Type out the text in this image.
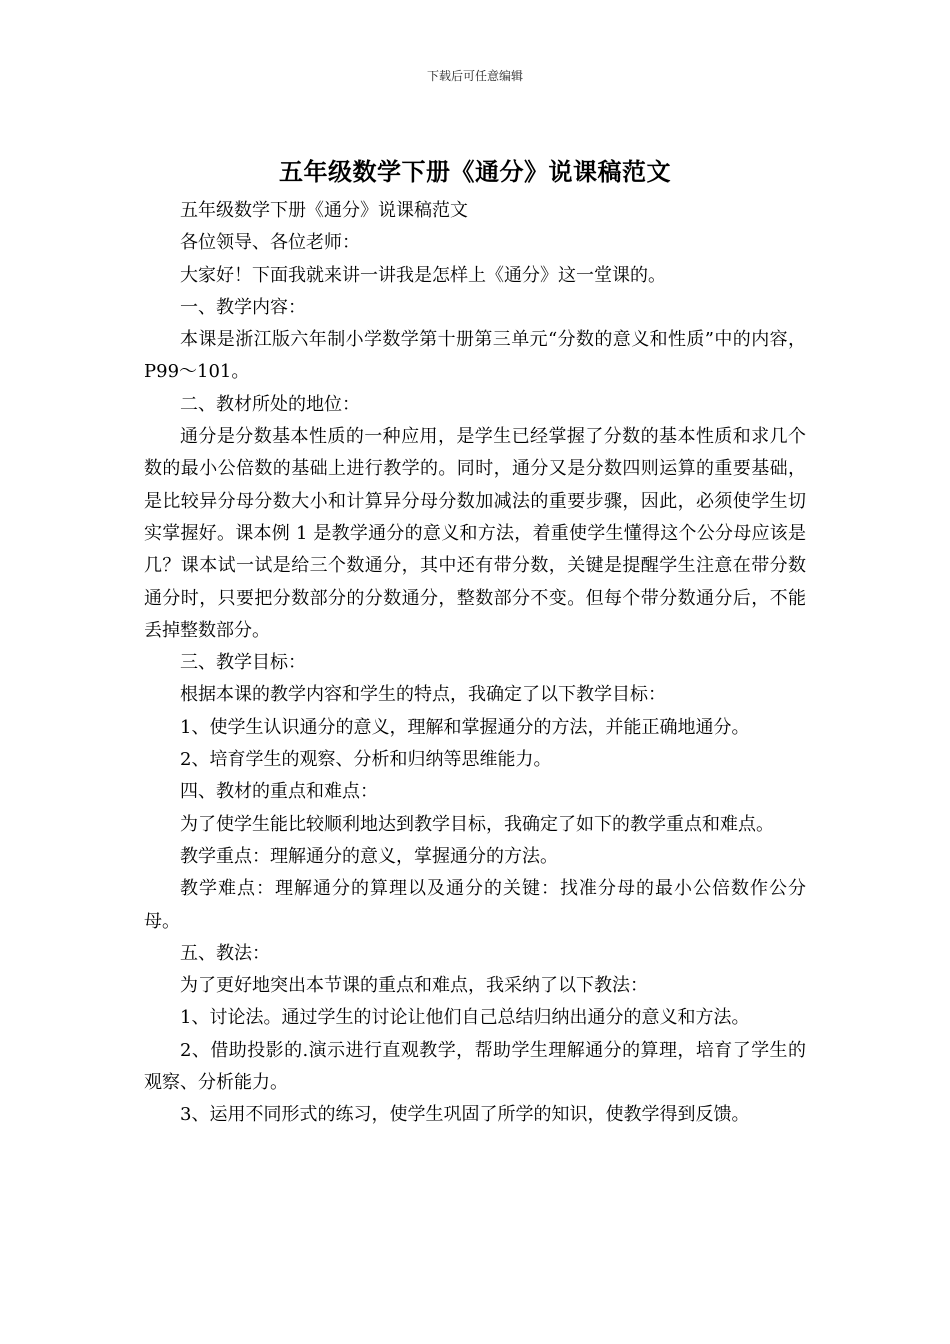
下载后可任意编辑
五年级数学下册《通分》说课稿范文

五年级数学下册《通分》说课稿范文

各位领导、各位老师：

大家好！下面我就来讲一讲我是怎样上《通分》这一堂课的。

一、教学内容：

本课是浙江版六年制小学数学第十册第三单元“分数的意义和性质”中的内容，P99～101。

二、教材所处的地位：

通分是分数基本性质的一种应用，是学生已经掌握了分数的基本性质和求几个数的最小公倍数的基础上进行教学的。同时，通分又是分数四则运算的重要基础，是比较异分母分数大小和计算异分母分数加减法的重要步骤，因此，必须使学生切实掌握好。课本例 1 是教学通分的意义和方法，着重使学生懂得这个公分母应该是几？课本试一试是给三个数通分，其中还有带分数，关键是提醒学生注意在带分数通分时，只要把分数部分的分数通分，整数部分不变。但每个带分数通分后，不能丢掉整数部分。

三、教学目标：

根据本课的教学内容和学生的特点，我确定了以下教学目标：

1、使学生认识通分的意义，理解和掌握通分的方法，并能正确地通分。

2、培育学生的观察、分析和归纳等思维能力。

四、教材的重点和难点：

为了使学生能比较顺利地达到教学目标，我确定了如下的教学重点和难点。

教学重点：理解通分的意义，掌握通分的方法。

教学难点：理解通分的算理以及通分的关键：找准分母的最小公倍数作公分母。

五、教法：

为了更好地突出本节课的重点和难点，我采纳了以下教法：

1、讨论法。通过学生的讨论让他们自己总结归纳出通分的意义和方法。

2、借助投影的.演示进行直观教学，帮助学生理解通分的算理，培育了学生的观察、分析能力。

3、运用不同形式的练习，使学生巩固了所学的知识，使教学得到反馈。
